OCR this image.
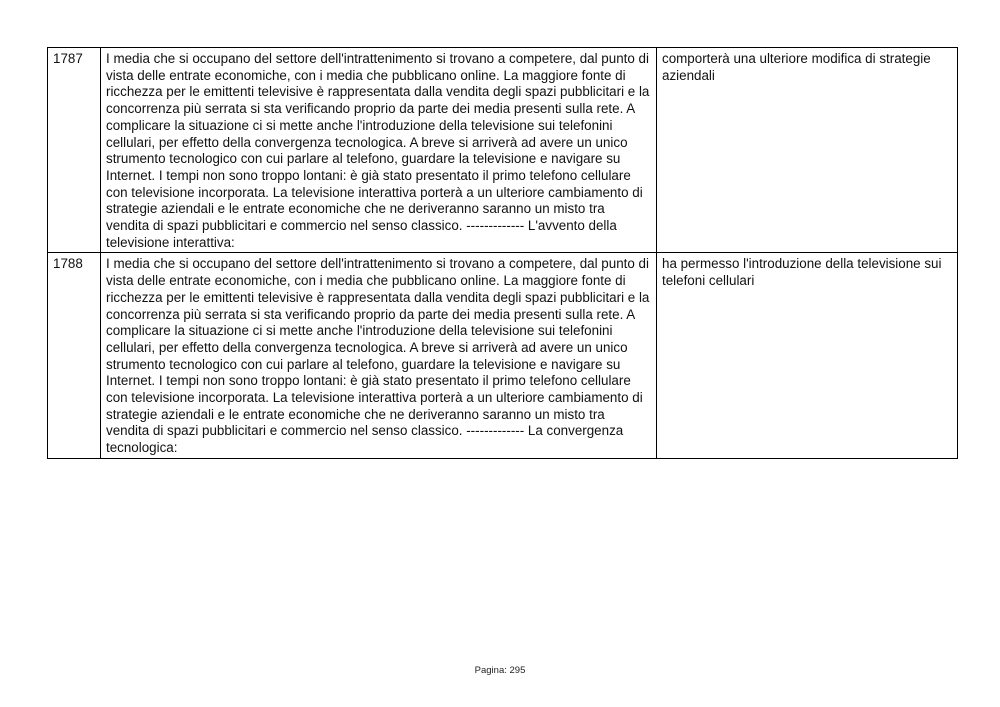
1787	I media che si occupano del settore dell'intrattenimento si trovano a competere, dal punto di vista delle entrate economiche, con i media che pubblicano online. La maggiore fonte di ricchezza per le emittenti televisive è rappresentata dalla vendita degli spazi pubblicitari e la concorrenza più serrata si sta verificando proprio da parte dei media presenti sulla rete. A complicare la situazione ci si mette anche l'introduzione della televisione sui telefonini cellulari, per effetto della convergenza tecnologica. A breve si arriverà ad avere un unico strumento tecnologico con cui parlare al telefono, guardare la televisione e navigare su Internet. I tempi non sono troppo lontani: è già stato presentato il primo telefono cellulare con televisione incorporata. La televisione interattiva porterà a un ulteriore cambiamento di strategie aziendali e le entrate economiche che ne deriveranno saranno un misto tra vendita di spazi pubblicitari e commercio nel senso classico. ------------- L'avvento della televisione interattiva:	comporterà una ulteriore modifica di strategie aziendali
1788	I media che si occupano del settore dell'intrattenimento si trovano a competere, dal punto di vista delle entrate economiche, con i media che pubblicano online. La maggiore fonte di ricchezza per le emittenti televisive è rappresentata dalla vendita degli spazi pubblicitari e la concorrenza più serrata si sta verificando proprio da parte dei media presenti sulla rete. A complicare la situazione ci si mette anche l'introduzione della televisione sui telefonini cellulari, per effetto della convergenza tecnologica. A breve si arriverà ad avere un unico strumento tecnologico con cui parlare al telefono, guardare la televisione e navigare su Internet. I tempi non sono troppo lontani: è già stato presentato il primo telefono cellulare con televisione incorporata. La televisione interattiva porterà a un ulteriore cambiamento di strategie aziendali e le entrate economiche che ne deriveranno saranno un misto tra vendita di spazi pubblicitari e commercio nel senso classico. ------------- La convergenza tecnologica:	ha permesso l'introduzione della televisione sui telefoni cellulari
Pagina: 295
